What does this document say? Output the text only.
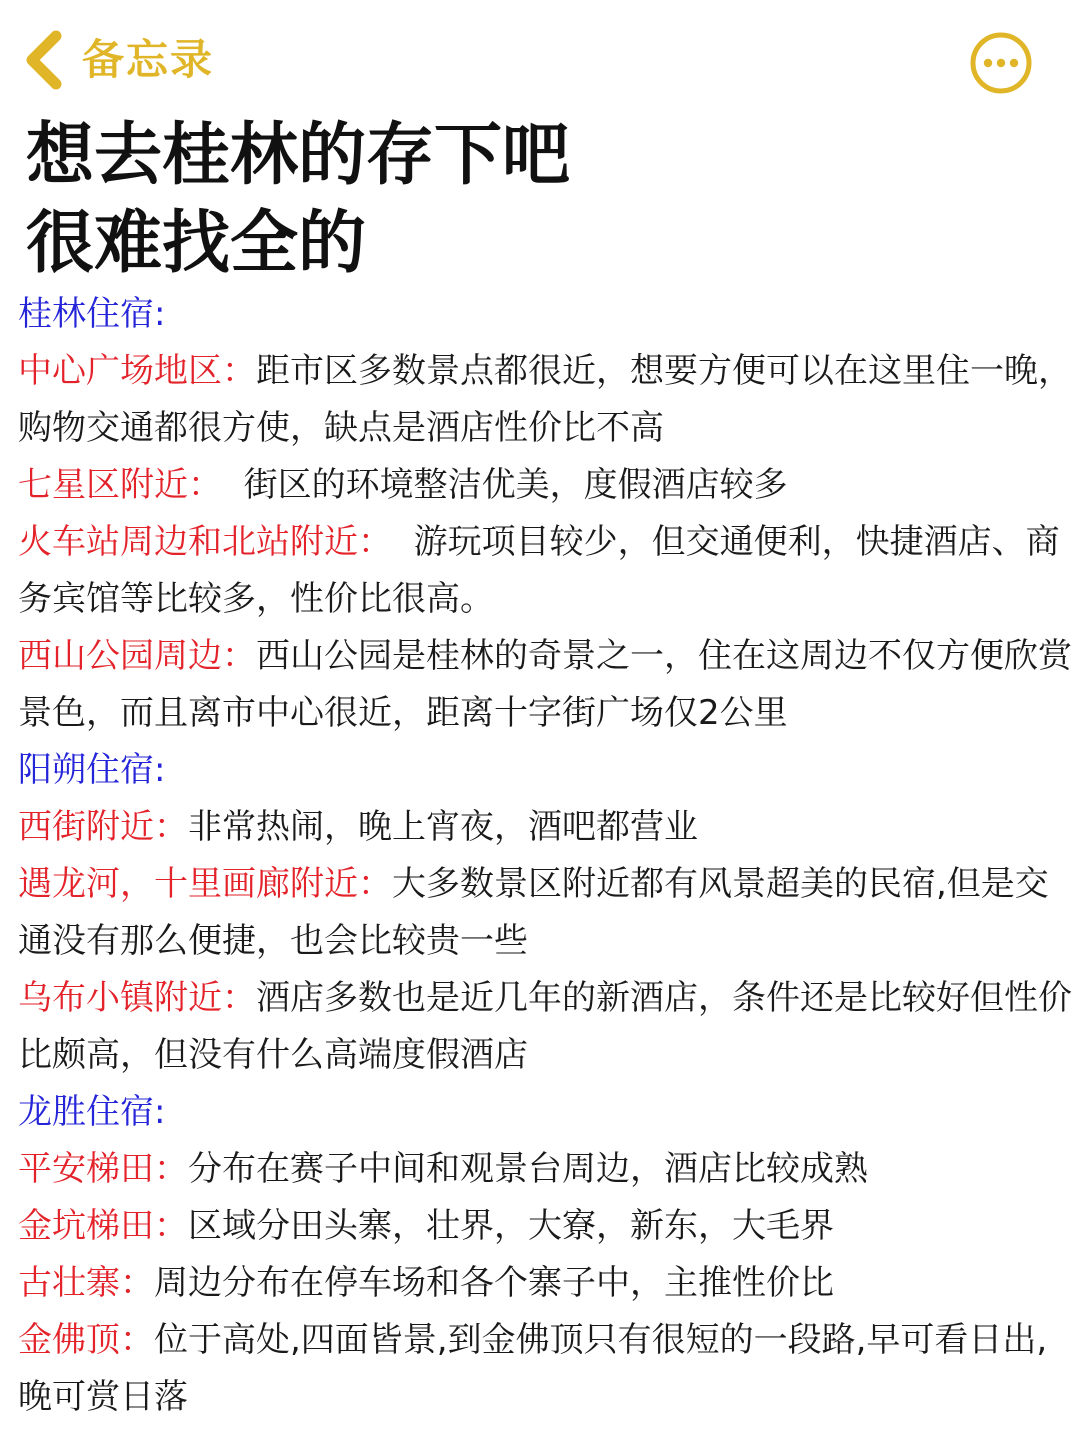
备忘录
想去桂林的存下吧
很难找全的

桂林住宿:

中心广场地区：距市区多数景点都很近，想要方便可以在这里住一晚，购物交通都很方使，缺点是酒店性价比不高

七星区附近：  街区的环境整洁优美，度假酒店较多

火车站周边和北站附近：  游玩项目较少，但交通便利，快捷酒店、商务宾馆等比较多，性价比很高。

西山公园周边：西山公园是桂林的奇景之一，住在这周边不仅方便欣赏景色，而且离市中心很近，距离十字街广场仅2公里

阳朔住宿:

西街附近：非常热闹，晚上宵夜，酒吧都营业

遇龙河，十里画廊附近：大多数景区附近都有风景超美的民宿,但是交通没有那么便捷，也会比较贵一些

乌布小镇附近：酒店多数也是近几年的新酒店，条件还是比较好但性价比颇高，但没有什么高端度假酒店

龙胜住宿:

平安梯田：分布在赛子中间和观景台周边，酒店比较成熟

金坑梯田：区域分田头寨，壮界，大寮，新东，大毛界

古壮寨：周边分布在停车场和各个寨子中，主推性价比

金佛顶：位于高处,四面皆景,到金佛顶只有很短的一段路,早可看日出,晚可赏日落
